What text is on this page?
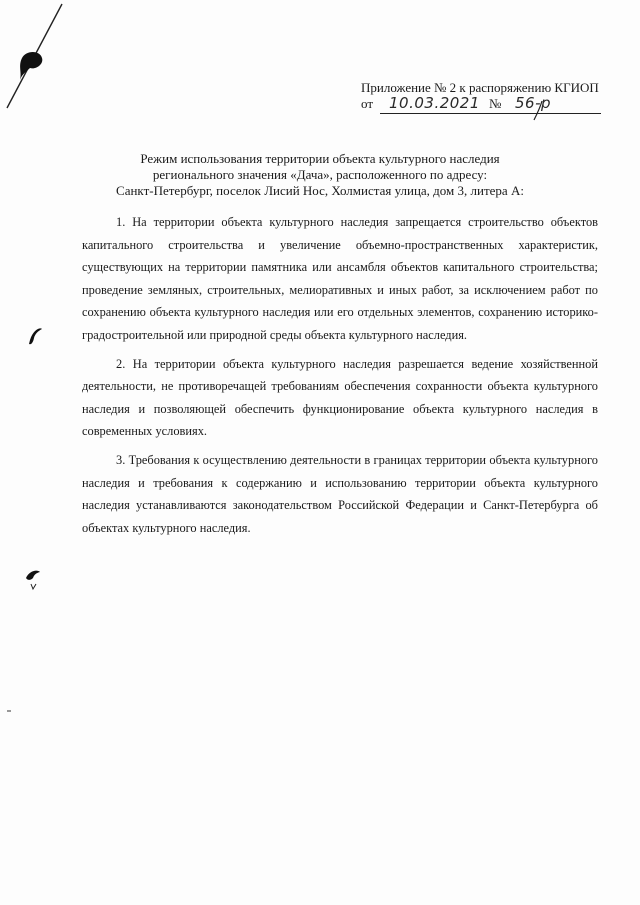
Приложение № 2 к распоряжению КГИОП
от 10.03.2021 № 56-р
Режим использования территории объекта культурного наследия
регионального значения «Дача», расположенного по адресу:
Санкт-Петербург, поселок Лисий Нос, Холмистая улица, дом 3, литера А:

1. На территории объекта культурного наследия запрещается строительство объектов капитального строительства и увеличение объемно-пространственных характеристик, существующих на территории памятника или ансамбля объектов капитального строительства; проведение земляных, строительных, мелиоративных и иных работ, за исключением работ по сохранению объекта культурного наследия или его отдельных элементов, сохранению историко-градостроительной или природной среды объекта культурного наследия.

2. На территории объекта культурного наследия разрешается ведение хозяйственной деятельности, не противоречащей требованиям обеспечения сохранности объекта культурного наследия и позволяющей обеспечить функционирование объекта культурного наследия в современных условиях.

3. Требования к осуществлению деятельности в границах территории объекта культурного наследия и требования к содержанию и использованию территории объекта культурного наследия устанавливаются законодательством Российской Федерации и Санкт-Петербурга об объектах культурного наследия.
